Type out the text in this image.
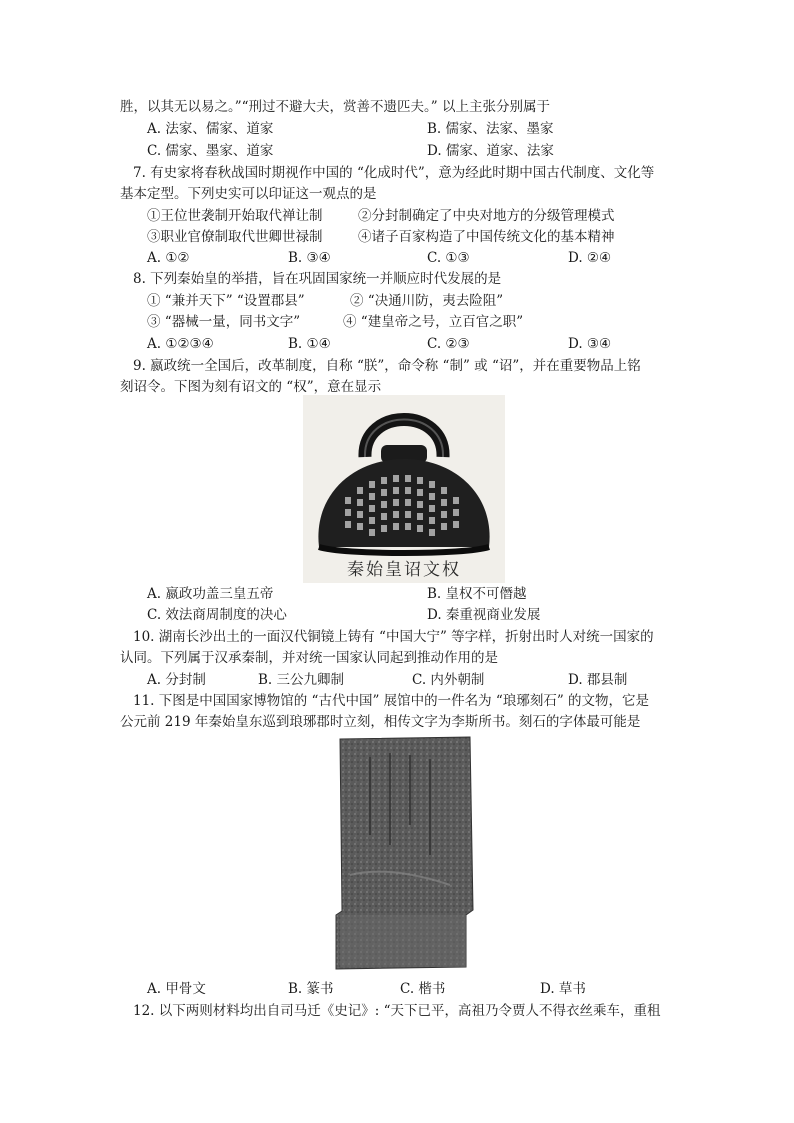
胜，以其无以易之。”“刑过不避大夫，赏善不遗匹夫。” 以上主张分别属于
A. 法家、儒家、道家	B. 儒家、法家、墨家
C. 儒家、墨家、道家	D. 儒家、道家、法家
7. 有史家将春秋战国时期视作中国的 “化成时代”，意为经此时期中国古代制度、文化等
基本定型。下列史实可以印证这一观点的是
①王位世袭制开始取代禅让制	②分封制确定了中央对地方的分级管理模式
③职业官僚制取代世卿世禄制	④诸子百家构造了中国传统文化的基本精神
A. ①②	B. ③④	C. ①③	D. ②④
8. 下列秦始皇的举措，旨在巩固国家统一并顺应时代发展的是
① “兼并天下” “设置郡县”	② “决通川防，夷去险阻”
③ “器械一量，同书文字”	④ “建皇帝之号，立百官之职”
A. ①②③④	B. ①④	C. ②③	D. ③④
9. 嬴政统一全国后，改革制度，自称 “朕”，命令称 “制” 或 “诏”，并在重要物品上铭
刻诏令。下图为刻有诏文的 “权”，意在显示
秦始皇诏文权
A. 嬴政功盖三皇五帝	B. 皇权不可僭越
C. 效法商周制度的决心	D. 秦重视商业发展
10. 湖南长沙出土的一面汉代铜镜上铸有 “中国大宁” 等字样，折射出时人对统一国家的
认同。下列属于汉承秦制，并对统一国家认同起到推动作用的是
A. 分封制	B. 三公九卿制	C. 内外朝制	D. 郡县制
11. 下图是中国国家博物馆的 “古代中国” 展馆中的一件名为 “琅琊刻石” 的文物，它是
公元前 219 年秦始皇东巡到琅琊郡时立刻，相传文字为李斯所书。刻石的字体最可能是
A. 甲骨文	B. 篆书	C. 楷书	D. 草书
12. 以下两则材料均出自司马迁《史记》: “天下已平，高祖乃令贾人不得衣丝乘车，重租
